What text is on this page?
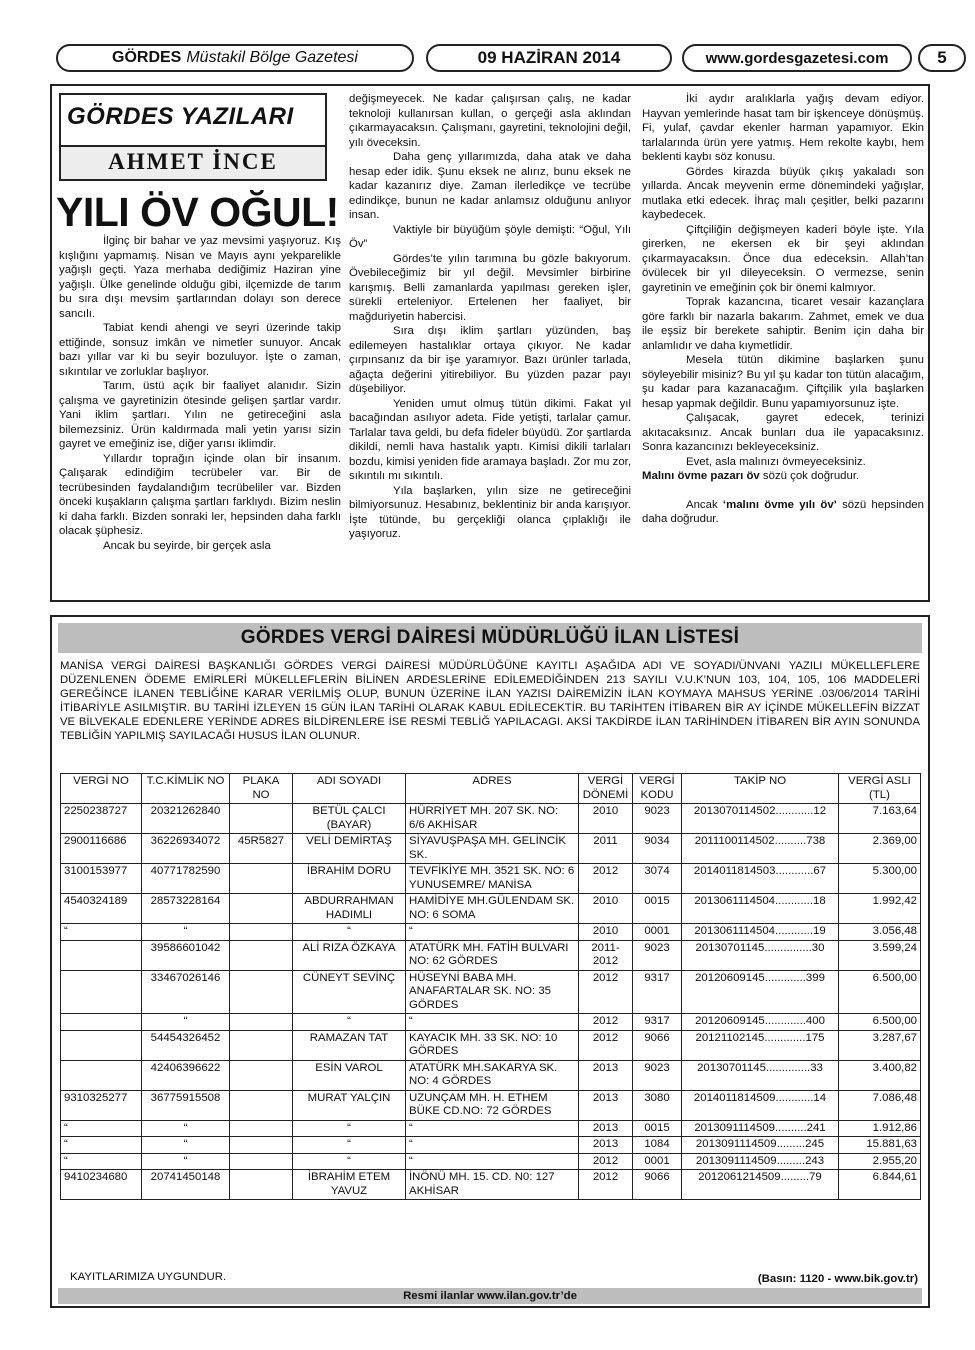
GÖRDES Müstakil Bölge Gazetesi	09 HAZİRAN 2014	www.gordesgazetesi.com	5
GÖRDES YAZILARI
AHMET İNCE
YILI ÖV OĞUL!

İlginç bir bahar ve yaz mevsimi yaşıyoruz. Kış kışlığını yapmamış. Nisan ve Mayıs aynı yekparelikle yağışlı geçti. Yaza merhaba dediğimiz Haziran yine yağışlı. Ülke genelinde olduğu gibi, ilçemizde de tarım bu sıra dışı mevsim şartlarından dolayı son derece sancılı.

Tabiat kendi ahengi ve seyri üzerinde takip ettiğinde, sonsuz imkân ve nimetler sunuyor. Ancak bazı yıllar var ki bu seyir bozuluyor. İşte o zaman, sıkıntılar ve zorluklar başlıyor.

Tarım, üstü açık bir faaliyet alanıdır. Sizin çalışma ve gayretinizin ötesinde gelişen şartlar vardır. Yani iklim şartları. Yılın ne getireceğini asla bilemezsiniz. Ürün kaldırmada mali yetin yarısı sizin gayret ve emeğiniz ise, diğer yarısı iklimdir.

Yıllardır toprağın içinde olan bir insanım. Çalışarak edindiğim tecrübeler var. Bir de tecrübesinden faydalandığım tecrübeliler var. Bizden önceki kuşakların çalışma şartları farklıydı. Bizim neslin ki daha farklı. Bizden sonraki ler, hepsinden daha farklı olacak şüphesiz.

Ancak bu seyirde, bir gerçek asla

değişmeyecek. Ne kadar çalışırsan çalış, ne kadar teknoloji kullanırsan kullan, o gerçeği asla aklından çıkarmayacaksın. Çalışmanı, gayretini, teknolojini değil, yılı öveceksin.

Daha genç yıllarımızda, daha atak ve daha hesap eder idik. Şunu eksek ne alırız, bunu eksek ne kadar kazanırız diye. Zaman ilerledikçe ve tecrübe edindikçe, bunun ne kadar anlamsız olduğunu anlıyor insan.

Vaktiyle bir büyüğüm şöyle demişti: “Oğul, Yılı Öv”

Gördes’te yılın tarımına bu gözle bakıyorum. Övebileceğimiz bir yıl değil. Mevsimler birbirine karışmış. Belli zamanlarda yapılması gereken işler, sürekli erteleniyor. Ertelenen her faaliyet, bir mağduriyetin habercisi.

Sıra dışı iklim şartları yüzünden, baş edilemeyen hastalıklar ortaya çıkıyor. Ne kadar çırpınsanız da bir işe yaramıyor. Bazı ürünler tarlada, ağaçta değerini yitirebiliyor. Bu yüzden pazar payı düşebiliyor.

Yeniden umut olmuş tütün dikimi. Fakat yıl bacağından asılıyor adeta. Fide yetişti, tarlalar çamur. Tarlalar tava geldi, bu defa fideler büyüdü. Zor şartlarda dikildi, nemli hava hastalık yaptı. Kimisi dikili tarlaları bozdu, kimisi yeniden fide aramaya başladı. Zor mu zor, sıkıntılı mı sıkıntılı.

Yıla başlarken, yılın size ne getireceğini bilmiyorsunuz. Hesabınız, beklentiniz bir anda karışıyor. İşte tütünde, bu gerçekliği olanca çıplaklığı ile yaşıyoruz.

İki aydır aralıklarla yağış devam ediyor. Hayvan yemlerinde hasat tam bir işkenceye dönüşmüş. Fi, yulaf, çavdar ekenler harman yapamıyor. Ekin tarlalarında ürün yere yatmış. Hem rekolte kaybı, hem beklenti kaybı söz konusu.

Gördes kirazda büyük çıkış yakaladı son yıllarda. Ancak meyvenin erme dönemindeki yağışlar, mutlaka etki edecek. İhraç malı çeşitler, belki pazarını kaybedecek.

Çiftçiliğin değişmeyen kaderi böyle işte. Yıla girerken, ne ekersen ek bir şeyi aklından çıkarmayacaksın. Önce dua edeceksin. Allah’tan övülecek bir yıl dileyeceksin. O vermezse, senin gayretinin ve emeğinin çok bir önemi kalmıyor.

Toprak kazancına, ticaret vesair kazançlara göre farklı bir nazarla bakarım. Zahmet, emek ve dua ile eşsiz bir berekete sahiptir. Benim için daha bir anlamlıdır ve daha kıymetlidir.

Mesela tütün dikimine başlarken şunu söyleyebilir misiniz? Bu yıl şu kadar ton tütün alacağım, şu kadar para kazanacağım. Çiftçilik yıla başlarken hesap yapmak değildir. Bunu yapamıyorsunuz işte.

Çalışacak, gayret edecek, terinizi akıtacaksınız. Ancak bunları dua ile yapacaksınız. Sonra kazancınızı bekleyeceksiniz.

Evet, asla malınızı övmeyeceksiniz.

Malını övme pazarı öv sözü çok doğrudur.

Ancak ‘malını övme yılı öv’ sözü hepsinden daha doğrudur.

GÖRDES VERGİ DAİRESİ MÜDÜRLÜĞÜ İLAN LİSTESİ
MANİSA VERGİ DAİRESİ BAŞKANLIĞI GÖRDES VERGİ DAİRESİ MÜDÜRLÜĞÜNE KAYITLI AŞAĞIDA ADI VE SOYADI/ÜNVANI YAZILI MÜKELLEFLERE DÜZENLENEN ÖDEME EMİRLERİ MÜKELLEFLERİN BİLİNEN ARDESLERİNE EDİLEMEDİĞİNDEN 213 SAYILI V.U.K’NUN 103, 104, 105, 106 MADDELERİ GEREĞİNCE İLANEN TEBLİĞİNE KARAR VERİLMİŞ OLUP, BUNUN ÜZERİNE İLAN YAZISI DAİREMİZİN İLAN KOYMAYA MAHSUS YERİNE .03/06/2014 TARİHİ İTİBARİYLE ASILMIŞTIR. BU TARİHİ İZLEYEN 15 GÜN İLAN TARİHİ OLARAK KABUL EDİLECEKTİR. BU TARİHTEN İTİBAREN BİR AY İÇİNDE MÜKELLEFİN BİZZAT VE BİLVEKALE EDENLERE YERİNDE ADRES BİLDİRENLERE İSE RESMİ TEBLİĞ YAPILACAGI. AKSİ TAKDİRDE İLAN TARİHİNDEN İTİBAREN BİR AYIN SONUNDA TEBLİĞİN YAPILMIŞ SAYILACAĞI HUSUS İLAN OLUNUR.
VERGİ NO	T.C.KİMLİK NO	PLAKA NO	ADI SOYADI	ADRES	VERGİ DÖNEMİ	VERGİ KODU	TAKİP NO	VERGİ ASLI (TL)
2250238727	20321262840		BETÜL ÇALCI (BAYAR)	HÜRRİYET MH. 207 SK. NO: 6/6 AKHİSAR	2010	9023	2013070114502............12	7.163,64
2900116686	36226934072	45R5827	VELİ DEMİRTAŞ	SİYAVUŞPAŞA MH. GELİNCİK SK.	2011	9034	2011100114502..........738	2.369,00
3100153977	40771782590		İBRAHİM DORU	TEVFİKİYE MH. 3521 SK. NO: 6 YUNUSEMRE/ MANİSA	2012	3074	2014011814503............67	5.300,00
4540324189	28573228164		ABDURRAHMAN HADIMLI	HAMİDİYE MH.GÜLENDAM SK. NO: 6 SOMA	2010	0015	2013061114504............18	1.992,42
“	“		“	“	2010	0001	2013061114504............19	3.056,48
	39586601042		ALİ RIZA ÖZKAYA	ATATÜRK MH. FATİH BULVARI NO: 62 GÖRDES	2011-2012	9023	20130701145...............30	3.599,24
	33467026146		CÜNEYT SEVİNÇ	HÜSEYNİ BABA MH. ANAFARTALAR SK. NO: 35 GÖRDES	2012	9317	20120609145.............399	6.500,00
	“		“	“	2012	9317	20120609145.............400	6.500,00
	54454326452		RAMAZAN TAT	KAYACIK MH. 33 SK. NO: 10 GÖRDES	2012	9066	20121102145.............175	3.287,67
	42406396622		ESİN VAROL	ATATÜRK MH.SAKARYA SK. NO: 4 GÖRDES	2013	9023	20130701145..............33	3.400,82
9310325277	36775915508		MURAT YALÇIN	UZUNÇAM MH. H. ETHEM BÜKE CD.NO: 72 GÖRDES	2013	3080	2014011814509............14	7.086,48
“	“		“	“	2013	0015	2013091114509..........241	1.912,86
“	“		“	“	2013	1084	2013091114509.........245	15.881,63
“	“		“	“	2012	0001	2013091114509.........243	2.955,20
9410234680	20741450148		İBRAHİM ETEM YAVUZ	İNÖNÜ MH. 15. CD. N0: 127 AKHİSAR	2012	9066	2012061214509.........79	6.844,61
KAYITLARIMIZA UYGUNDUR.	(Basın: 1120 - www.bik.gov.tr)
Resmi ilanlar www.ilan.gov.tr’de
